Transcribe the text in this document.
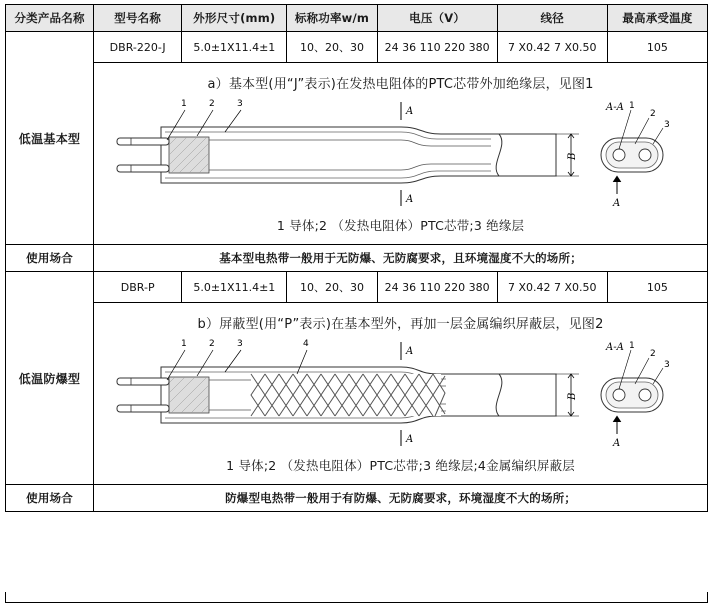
分类产品名称	型号名称	外形尺寸(mm)	标称功率w/m	电压（V）	线径	最高承受温度
低温基本型	DBR-220-J	5.0±1X11.4±1	10、20、30	24 36 110 220 380	7 X0.42 7 X0.50	105

a）基本型(用“J”表示)在发热电阻体的PTC芯带外加绝缘层，见图1
1 2 3
A
A
B
A-A 1
2
3
A
1 导体;2 （发热电阻体）PTC芯带;3 绝缘层

使用场合	基本型电热带一般用于无防爆、无防腐要求，且环境湿度不大的场所；					
低温防爆型	DBR-P	5.0±1X11.4±1	10、20、30	24 36 110 220 380	7 X0.42 7 X0.50	105

b）屏蔽型(用“P”表示)在基本型外，再加一层金属编织屏蔽层，见图2
1 2 3	4
A
A
B
A-A 1
2
3
A
1 导体;2 （发热电阻体）PTC芯带;3 绝缘层;4金属编织屏蔽层

使用场合	防爆型电热带一般用于有防爆、无防腐要求，环境湿度不大的场所；					
